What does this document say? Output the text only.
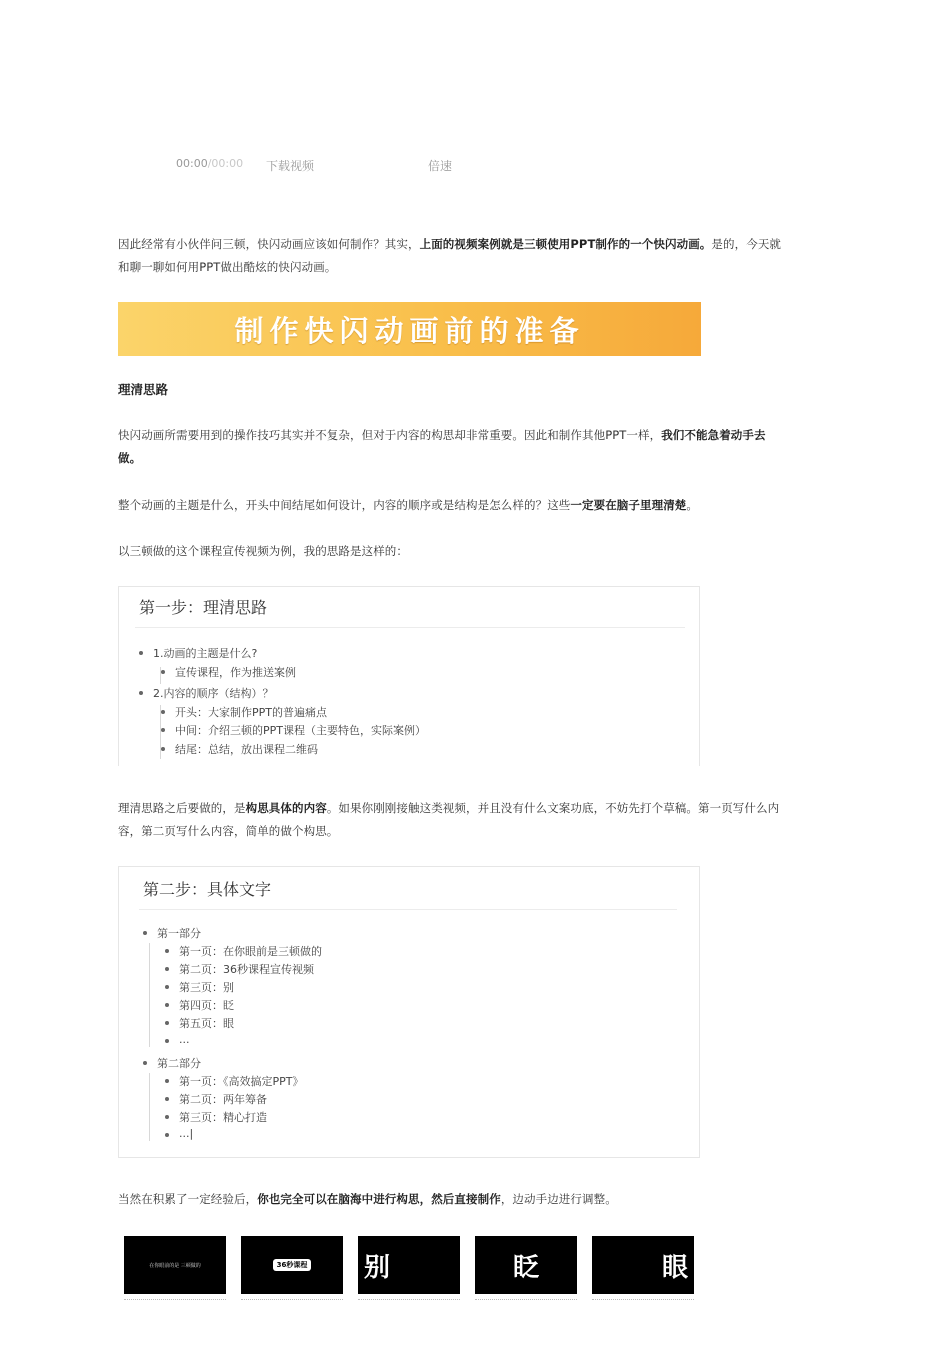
00:00/00:00 下载视频	倍速
因此经常有小伙伴问三顿，快闪动画应该如何制作？其实，上面的视频案例就是三顿使用PPT制作的一个快闪动画。是的，今天就
和聊一聊如何用PPT做出酷炫的快闪动画。
制作快闪动画前的准备
理清思路
快闪动画所需要用到的操作技巧其实并不复杂，但对于内容的构思却非常重要。因此和制作其他PPT一样，我们不能急着动手去
做。
整个动画的主题是什么，开头中间结尾如何设计，内容的顺序或是结构是怎么样的？这些一定要在脑子里理清楚。
以三顿做的这个课程宣传视频为例，我的思路是这样的：
第一步：理清思路
1.动画的主题是什么?
宣传课程，作为推送案例
2.内容的顺序（结构）？
开头：大家制作PPT的普遍痛点
中间：介绍三顿的PPT课程（主要特色，实际案例）
结尾：总结，放出课程二维码
理清思路之后要做的，是构思具体的内容。如果你刚刚接触这类视频，并且没有什么文案功底，不妨先打个草稿。第一页写什么内
容，第二页写什么内容，简单的做个构思。
第二步：具体文字
第一部分
第一页：在你眼前是三顿做的
第二页：36秒课程宣传视频
第三页：别
第四页：眨
第五页：眼
...
第二部分
第一页：《高效搞定PPT》
第二页：两年筹备
第三页：精心打造
...|
当然在积累了一定经验后，你也完全可以在脑海中进行构思，然后直接制作，边动手边进行调整。
在你眼前的是 三顿做的	36秒课程 别	眨	眼
